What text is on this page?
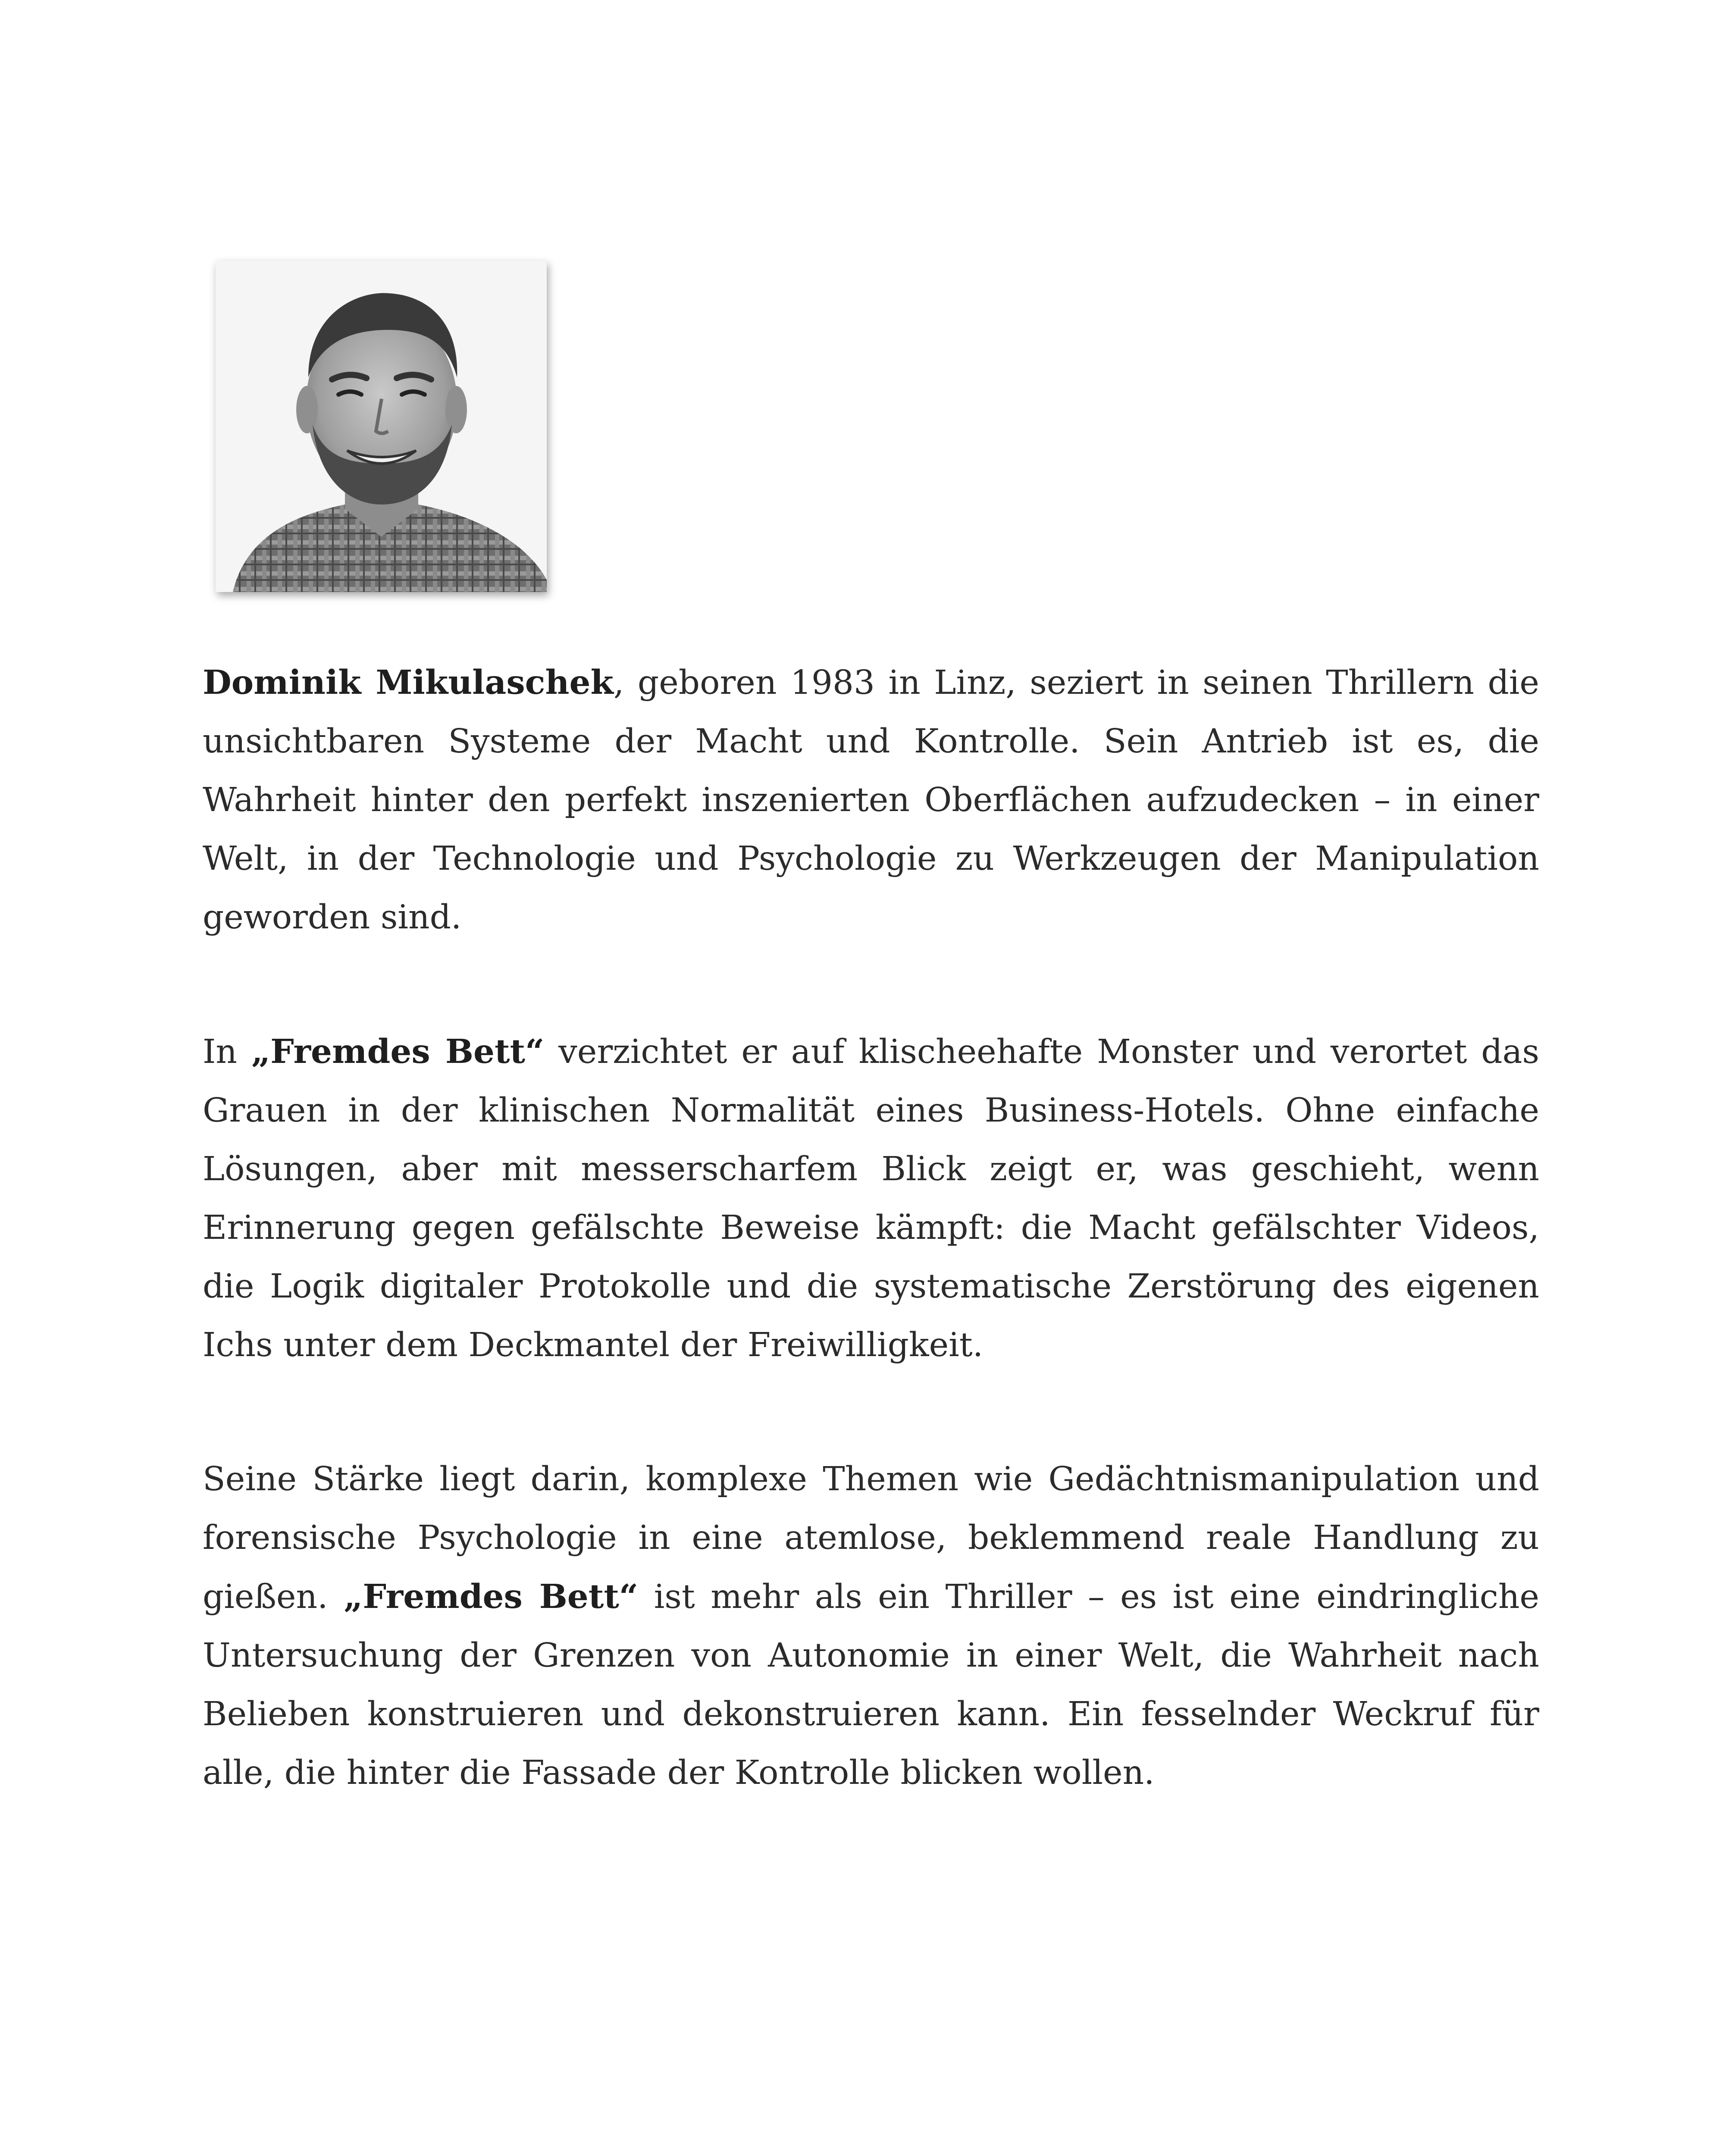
Dominik Mikulaschek, geboren 1983 in Linz, seziert in seinen Thrillern die unsichtbaren Systeme der Macht und Kontrolle. Sein Antrieb ist es, die Wahrheit hinter den perfekt inszenierten Oberflächen aufzudecken – in einer Welt, in der Technologie und Psychologie zu Werkzeugen der Manipulation geworden sind.

In „Fremdes Bett“ verzichtet er auf klischeehafte Monster und verortet das Grauen in der klinischen Normalität eines Business-Hotels. Ohne einfache Lösungen, aber mit messerscharfem Blick zeigt er, was geschieht, wenn Erinnerung gegen gefälschte Beweise kämpft: die Macht gefälschter Videos, die Logik digitaler Protokolle und die systematische Zerstörung des eigenen Ichs unter dem Deckmantel der Freiwilligkeit.

Seine Stärke liegt darin, komplexe Themen wie Gedächtnismanipulation und forensische Psychologie in eine atemlose, beklemmend reale Handlung zu gießen. „Fremdes Bett“ ist mehr als ein Thriller – es ist eine eindringliche Untersuchung der Grenzen von Autonomie in einer Welt, die Wahrheit nach Belieben konstruieren und dekonstruieren kann. Ein fesselnder Weckruf für alle, die hinter die Fassade der Kontrolle blicken wollen.
